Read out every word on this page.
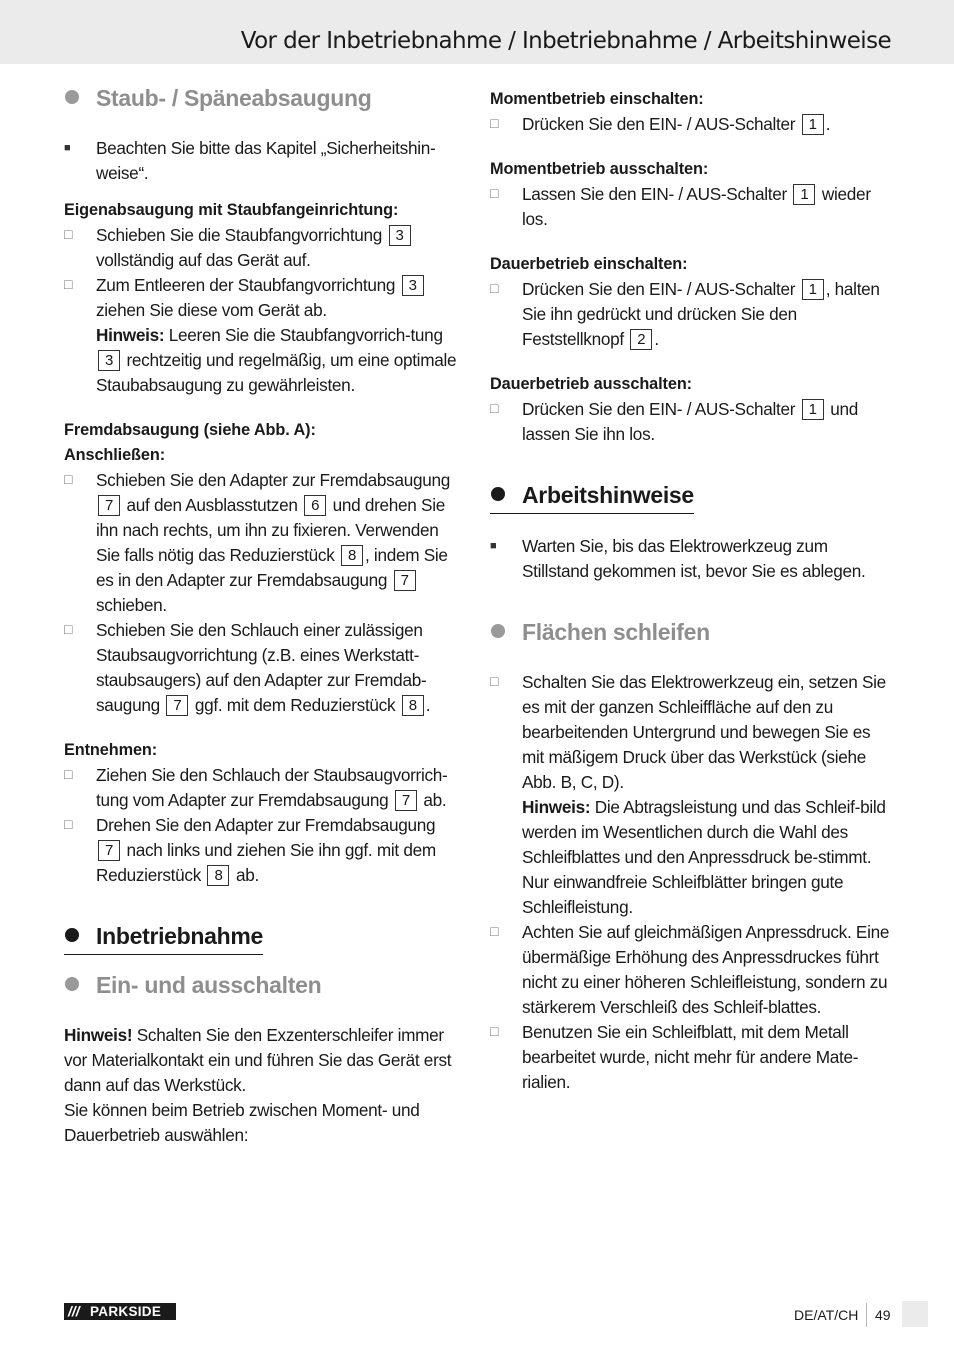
Vor der Inbetriebnahme / Inbetriebnahme / Arbeitshinweise
Staub- / Späneabsaugung
■

Beachten Sie bitte das Kapitel „Sicherheitshin-weise“.

Eigenabsaugung mit Staubfangeinrichtung:

□

Schieben Sie die Staubfangvorrichtung 3 vollständig auf das Gerät auf.

□

Zum Entleeren der Staubfangvorrichtung 3 ziehen Sie diese vom Gerät ab.

Hinweis: Leeren Sie die Staubfangvorrich-tung 3 rechtzeitig und regelmäßig, um eine optimale Staubabsaugung zu gewährleisten.

Fremdabsaugung (siehe Abb. A):

Anschließen:

□

Schieben Sie den Adapter zur Fremdabsaugung 7 auf den Ausblasstutzen 6 und drehen Sie ihn nach rechts, um ihn zu fixieren. Verwenden Sie falls nötig das Reduzierstück 8 , indem Sie es in den Adapter zur Fremdabsaugung 7 schieben.

□

Schieben Sie den Schlauch einer zulässigen Staubsaugvorrichtung (z.B. eines Werkstatt-staubsaugers) auf den Adapter zur Fremdab-saugung 7 ggf. mit dem Reduzierstück 8 .

Entnehmen:

□

Ziehen Sie den Schlauch der Staubsaugvorrich-tung vom Adapter zur Fremdabsaugung 7 ab.

□

Drehen Sie den Adapter zur Fremdabsaugung 7 nach links und ziehen Sie ihn ggf. mit dem Reduzierstück 8 ab.

Inbetriebnahme
Ein- und ausschalten

Hinweis! Schalten Sie den Exzenterschleifer immer vor Materialkontakt ein und führen Sie das Gerät erst dann auf das Werkstück.

Sie können beim Betrieb zwischen Moment- und Dauerbetrieb auswählen:

Momentbetrieb einschalten:

□

Drücken Sie den EIN- / AUS-Schalter 1 .

Momentbetrieb ausschalten:

□

Lassen Sie den EIN- / AUS-Schalter 1 wieder los.

Dauerbetrieb einschalten:

□

Drücken Sie den EIN- / AUS-Schalter 1 , halten Sie ihn gedrückt und drücken Sie den Feststellknopf 2 .

Dauerbetrieb ausschalten:

□

Drücken Sie den EIN- / AUS-Schalter 1 und lassen Sie ihn los.

Arbeitshinweise
■

Warten Sie, bis das Elektrowerkzeug zum Stillstand gekommen ist, bevor Sie es ablegen.

Flächen schleifen
□

Schalten Sie das Elektrowerkzeug ein, setzen Sie es mit der ganzen Schleiffläche auf den zu bearbeitenden Untergrund und bewegen Sie es mit mäßigem Druck über das Werkstück (siehe Abb. B, C, D).

Hinweis: Die Abtragsleistung und das Schleif-bild werden im Wesentlichen durch die Wahl des Schleifblattes und den Anpressdruck be-stimmt. Nur einwandfreie Schleifblätter bringen gute Schleifleistung.

□

Achten Sie auf gleichmäßigen Anpressdruck. Eine übermäßige Erhöhung des Anpressdruckes führt nicht zu einer höheren Schleifleistung, sondern zu stärkerem Verschleiß des Schleif-blattes.

□

Benutzen Sie ein Schleifblatt, mit dem Metall bearbeitet wurde, nicht mehr für andere Mate-rialien.

/// PARKSIDE	DE/AT/CH 49
